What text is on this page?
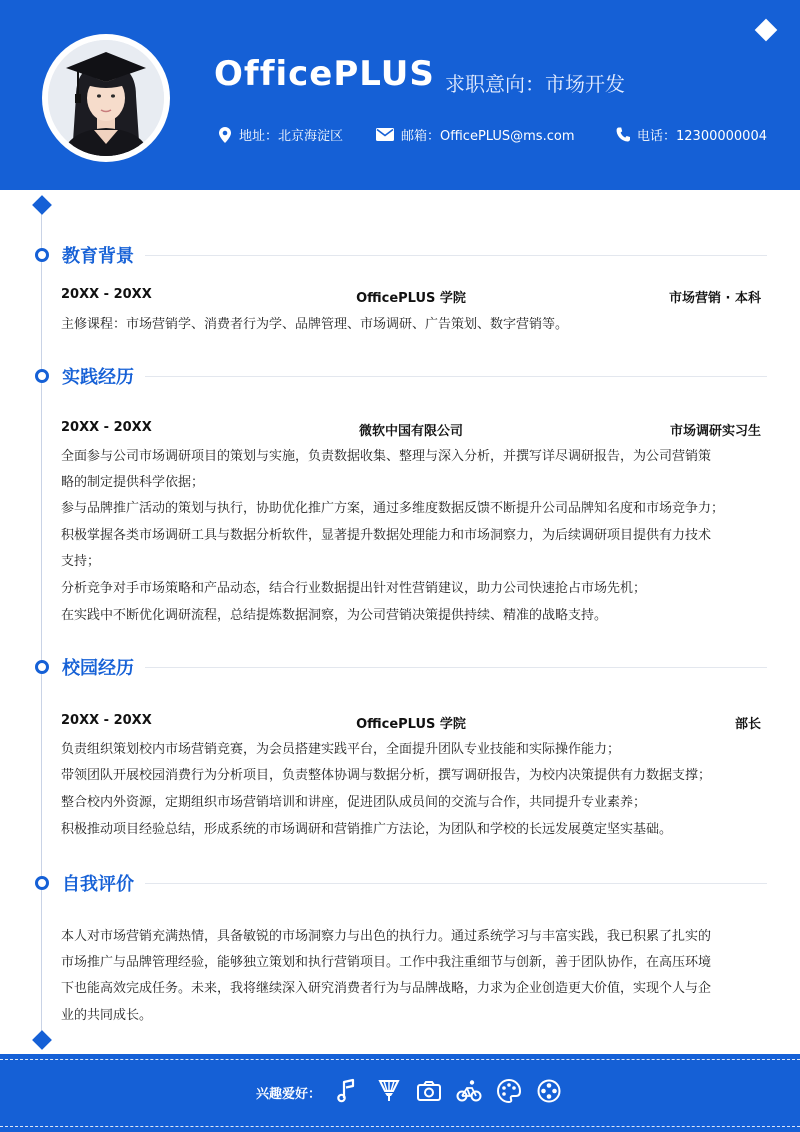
OfficePLUS 求职意向：市场开发
地址：北京海淀区	邮箱：OfficePLUS@ms.com	电话：12300000004
教育背景
20XX - 20XX	OfficePLUS 学院	市场营销 · 本科
主修课程：市场营销学、消费者行为学、品牌管理、市场调研、广告策划、数字营销等。
实践经历
20XX - 20XX	微软中国有限公司	市场调研实习生
全面参与公司市场调研项目的策划与实施，负责数据收集、整理与深入分析，并撰写详尽调研报告，为公司营销策
略的制定提供科学依据；
参与品牌推广活动的策划与执行，协助优化推广方案，通过多维度数据反馈不断提升公司品牌知名度和市场竞争力；
积极掌握各类市场调研工具与数据分析软件，显著提升数据处理能力和市场洞察力，为后续调研项目提供有力技术
支持；
分析竞争对手市场策略和产品动态，结合行业数据提出针对性营销建议，助力公司快速抢占市场先机；
在实践中不断优化调研流程，总结提炼数据洞察，为公司营销决策提供持续、精准的战略支持。
校园经历
20XX - 20XX	OfficePLUS 学院	部长
负责组织策划校内市场营销竞赛，为会员搭建实践平台，全面提升团队专业技能和实际操作能力；
带领团队开展校园消费行为分析项目，负责整体协调与数据分析，撰写调研报告，为校内决策提供有力数据支撑；
整合校内外资源，定期组织市场营销培训和讲座，促进团队成员间的交流与合作，共同提升专业素养；
积极推动项目经验总结，形成系统的市场调研和营销推广方法论，为团队和学校的长远发展奠定坚实基础。
自我评价
本人对市场营销充满热情，具备敏锐的市场洞察力与出色的执行力。通过系统学习与丰富实践，我已积累了扎实的
市场推广与品牌管理经验，能够独立策划和执行营销项目。工作中我注重细节与创新，善于团队协作，在高压环境
下也能高效完成任务。未来，我将继续深入研究消费者行为与品牌战略，力求为企业创造更大价值，实现个人与企
业的共同成长。
兴趣爱好：
